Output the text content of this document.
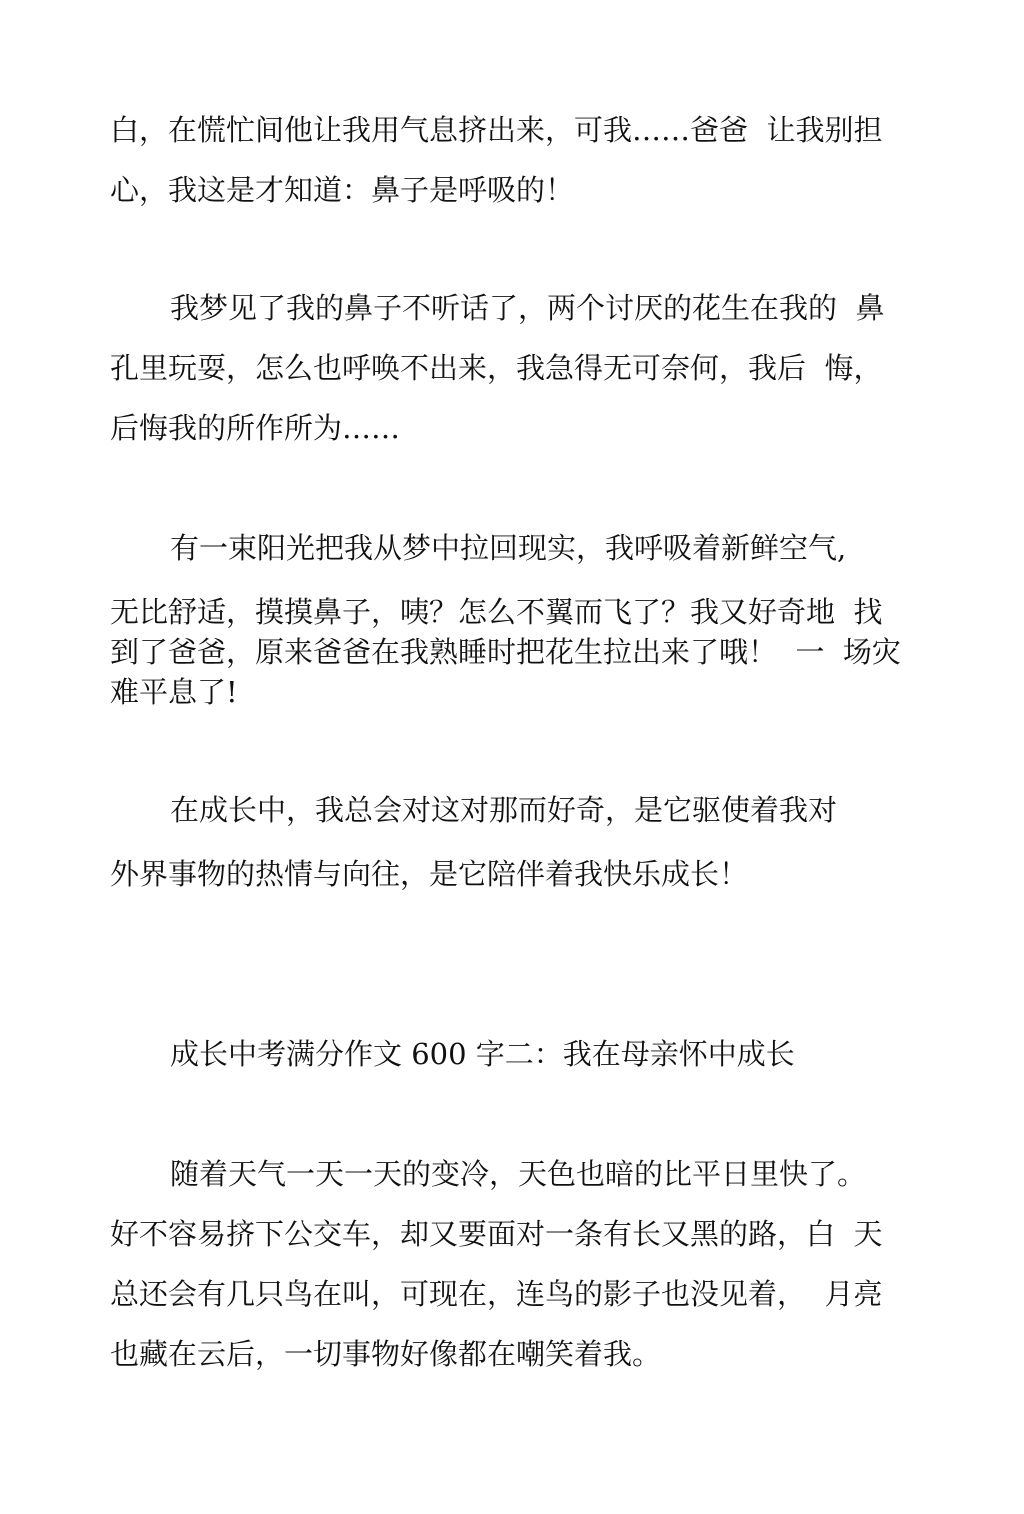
白，在慌忙间他让我用气息挤出来，可我……爸爸  让我别担
心，我这是才知道：鼻子是呼吸的！
我梦见了我的鼻子不听话了，两个讨厌的花生在我的  鼻
孔里玩耍，怎么也呼唤不出来，我急得无可奈何，我后  悔，
后悔我的所作所为……
有一束阳光把我从梦中拉回现实，我呼吸着新鲜空气,
无比舒适，摸摸鼻子，咦？怎么不翼而飞了？我又好奇地  找
到了爸爸，原来爸爸在我熟睡时把花生拉出来了哦！  一  场灾
难平息了!
在成长中，我总会对这对那而好奇，是它驱使着我对
外界事物的热情与向往，是它陪伴着我快乐成长！
成长中考满分作文 600 字二：我在母亲怀中成长
随着天气一天一天的变冷，天色也暗的比平日里快了。
好不容易挤下公交车，却又要面对一条有长又黑的路，白  天
总还会有几只鸟在叫，可现在，连鸟的影子也没见着，  月亮
也藏在云后，一切事物好像都在嘲笑着我。
